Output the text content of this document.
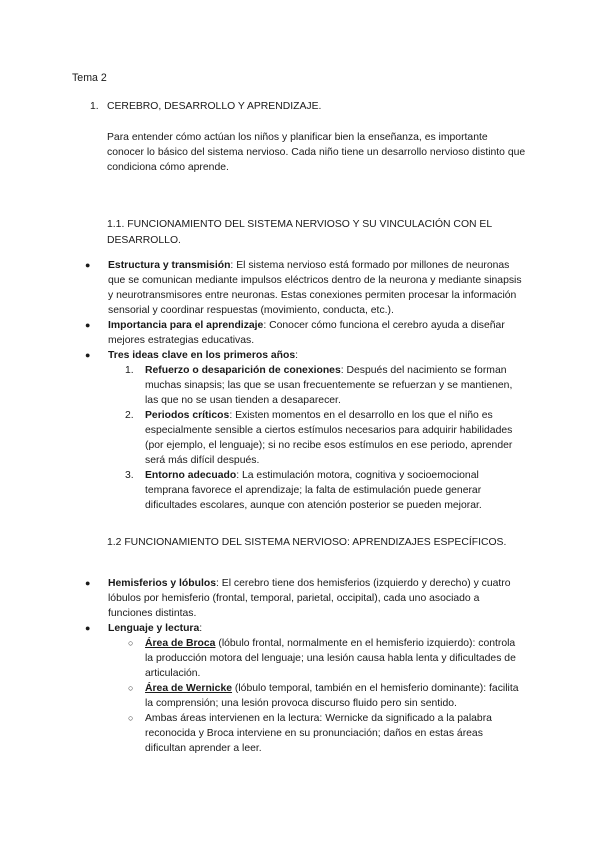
Tema 2
1. CEREBRO, DESARROLLO Y APRENDIZAJE.
Para entender cómo actúan los niños y planificar bien la enseñanza, es importante conocer lo básico del sistema nervioso. Cada niño tiene un desarrollo nervioso distinto que condiciona cómo aprende.
1.1. FUNCIONAMIENTO DEL SISTEMA NERVIOSO Y SU VINCULACIÓN CON EL DESARROLLO.
● Estructura y transmisión: El sistema nervioso está formado por millones de neuronas que se comunican mediante impulsos eléctricos dentro de la neurona y mediante sinapsis y neurotransmisores entre neuronas. Estas conexiones permiten procesar la información sensorial y coordinar respuestas (movimiento, conducta, etc.).
● Importancia para el aprendizaje: Conocer cómo funciona el cerebro ayuda a diseñar mejores estrategias educativas.
● Tres ideas clave en los primeros años:
1. Refuerzo o desaparición de conexiones: Después del nacimiento se forman muchas sinapsis; las que se usan frecuentemente se refuerzan y se mantienen, las que no se usan tienden a desaparecer.
2. Periodos críticos: Existen momentos en el desarrollo en los que el niño es especialmente sensible a ciertos estímulos necesarios para adquirir habilidades (por ejemplo, el lenguaje); si no recibe esos estímulos en ese periodo, aprender será más difícil después.
3. Entorno adecuado: La estimulación motora, cognitiva y socioemocional temprana favorece el aprendizaje; la falta de estimulación puede generar dificultades escolares, aunque con atención posterior se pueden mejorar.
1.2 FUNCIONAMIENTO DEL SISTEMA NERVIOSO: APRENDIZAJES ESPECÍFICOS.
● Hemisferios y lóbulos: El cerebro tiene dos hemisferios (izquierdo y derecho) y cuatro lóbulos por hemisferio (frontal, temporal, parietal, occipital), cada uno asociado a funciones distintas.
● Lenguaje y lectura:
○ Área de Broca (lóbulo frontal, normalmente en el hemisferio izquierdo): controla la producción motora del lenguaje; una lesión causa habla lenta y dificultades de articulación.
○ Área de Wernicke (lóbulo temporal, también en el hemisferio dominante): facilita la comprensión; una lesión provoca discurso fluido pero sin sentido.
○ Ambas áreas intervienen en la lectura: Wernicke da significado a la palabra reconocida y Broca interviene en su pronunciación; daños en estas áreas dificultan aprender a leer.
